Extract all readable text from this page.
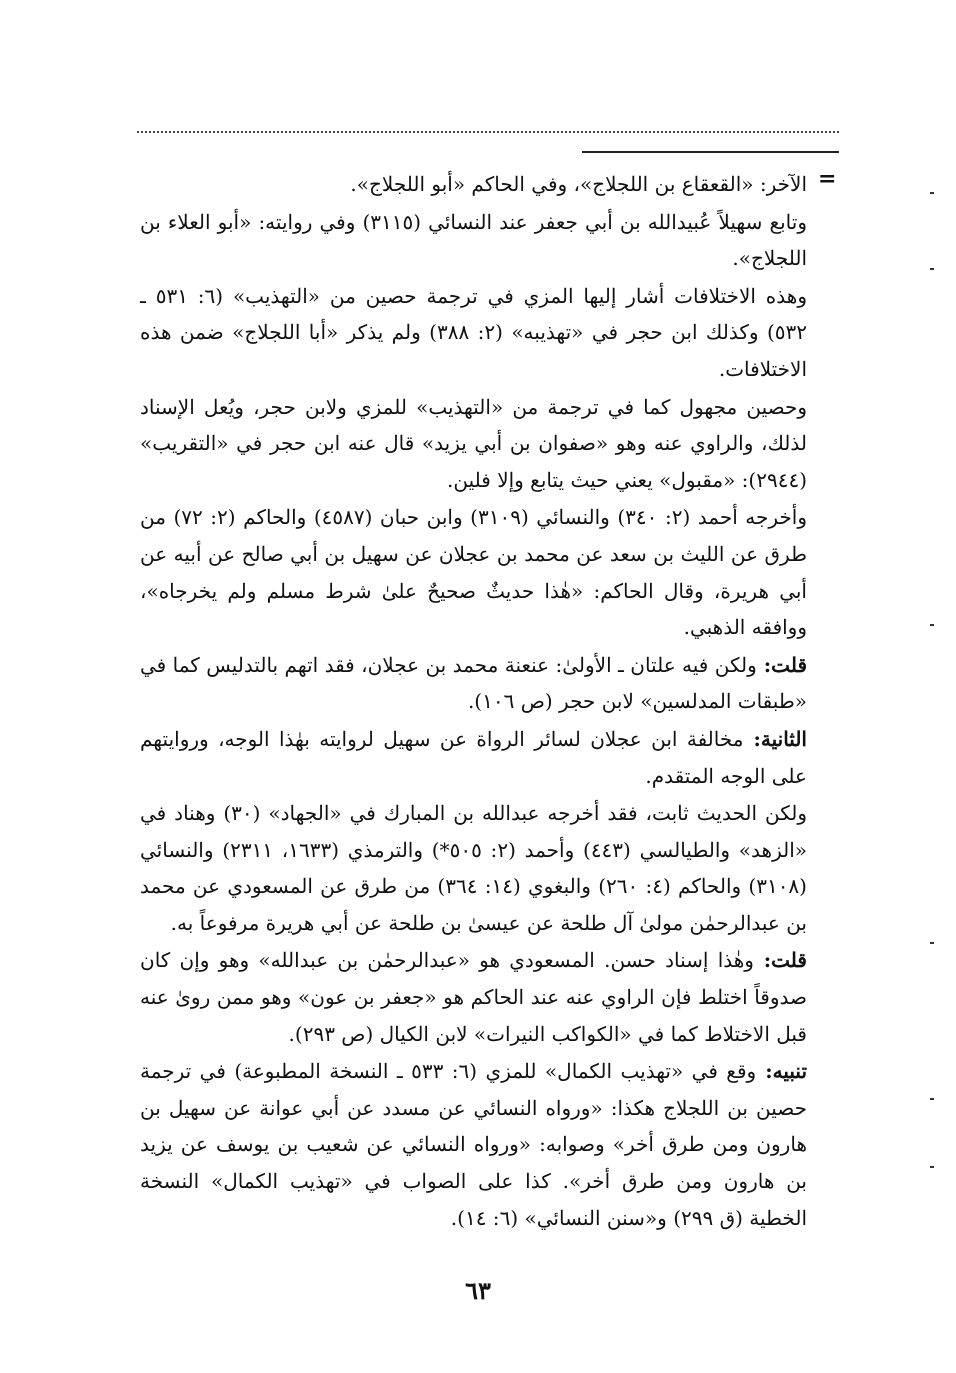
=

الآخر: «القعقاع بن اللجلاج»، وفي الحاكم «أبو اللجلاج».

وتابع سهيلاً عُبيدالله بن أبي جعفر عند النسائي (٣١١٥) وفي روايته: «أبو العلاء بن اللجلاج».

وهذه الاختلافات أشار إليها المزي في ترجمة حصين من «التهذيب» (٦: ٥٣١ ـ ٥٣٢) وكذلك ابن حجر في «تهذيبه» (٢: ٣٨٨) ولم يذكر «أبا اللجلاج» ضمن هذه الاختلافات.

وحصين مجهول كما في ترجمة من «التهذيب» للمزي ولابن حجر، ويُعل الإسناد لذلك، والراوي عنه وهو «صفوان بن أبي يزيد» قال عنه ابن حجر في «التقريب» (٢٩٤٤): «مقبول» يعني حيث يتابع وإلا فلين.

وأخرجه أحمد (٢: ٣٤٠) والنسائي (٣١٠٩) وابن حبان (٤٥٨٧) والحاكم (٢: ٧٢) من طرق عن الليث بن سعد عن محمد بن عجلان عن سهيل بن أبي صالح عن أبيه عن أبي هريرة، وقال الحاكم: «هٰذا حديثٌ صحيحٌ علىٰ شرط مسلم ولم يخرجاه»، ووافقه الذهبي.

قلت: ولكن فيه علتان ـ الأولىٰ: عنعنة محمد بن عجلان، فقد اتهم بالتدليس كما في «طبقات المدلسين» لابن حجر (ص ١٠٦).

الثانية: مخالفة ابن عجلان لسائر الرواة عن سهيل لروايته بهٰذا الوجه، وروايتهم على الوجه المتقدم.

ولكن الحديث ثابت، فقد أخرجه عبدالله بن المبارك في «الجهاد» (٣٠) وهناد في «الزهد» والطيالسي (٤٤٣) وأحمد (٢: ٥٠٥*) والترمذي (١٦٣٣، ٢٣١١) والنسائي (٣١٠٨) والحاكم (٤: ٢٦٠) والبغوي (١٤: ٣٦٤) من طرق عن المسعودي عن محمد بن عبدالرحمٰن مولىٰ آل طلحة عن عيسىٰ بن طلحة عن أبي هريرة مرفوعاً به.

قلت: وهٰذا إسناد حسن. المسعودي هو «عبدالرحمٰن بن عبدالله» وهو وإن كان صدوقاً اختلط فإن الراوي عنه عند الحاكم هو «جعفر بن عون» وهو ممن روىٰ عنه قبل الاختلاط كما في «الكواكب النيرات» لابن الكيال (ص ٢٩٣).

تنبيه: وقع في «تهذيب الكمال» للمزي (٦: ٥٣٣ ـ النسخة المطبوعة) في ترجمة حصين بن اللجلاج هكذا: «ورواه النسائي عن مسدد عن أبي عوانة عن سهيل بن هارون ومن طرق أخر» وصوابه: «ورواه النسائي عن شعيب بن يوسف عن يزيد بن هارون ومن طرق أخر». كذا على الصواب في «تهذيب الكمال» النسخة الخطية (ق ٢٩٩) و«سنن النسائي» (٦: ١٤).

٦٣
